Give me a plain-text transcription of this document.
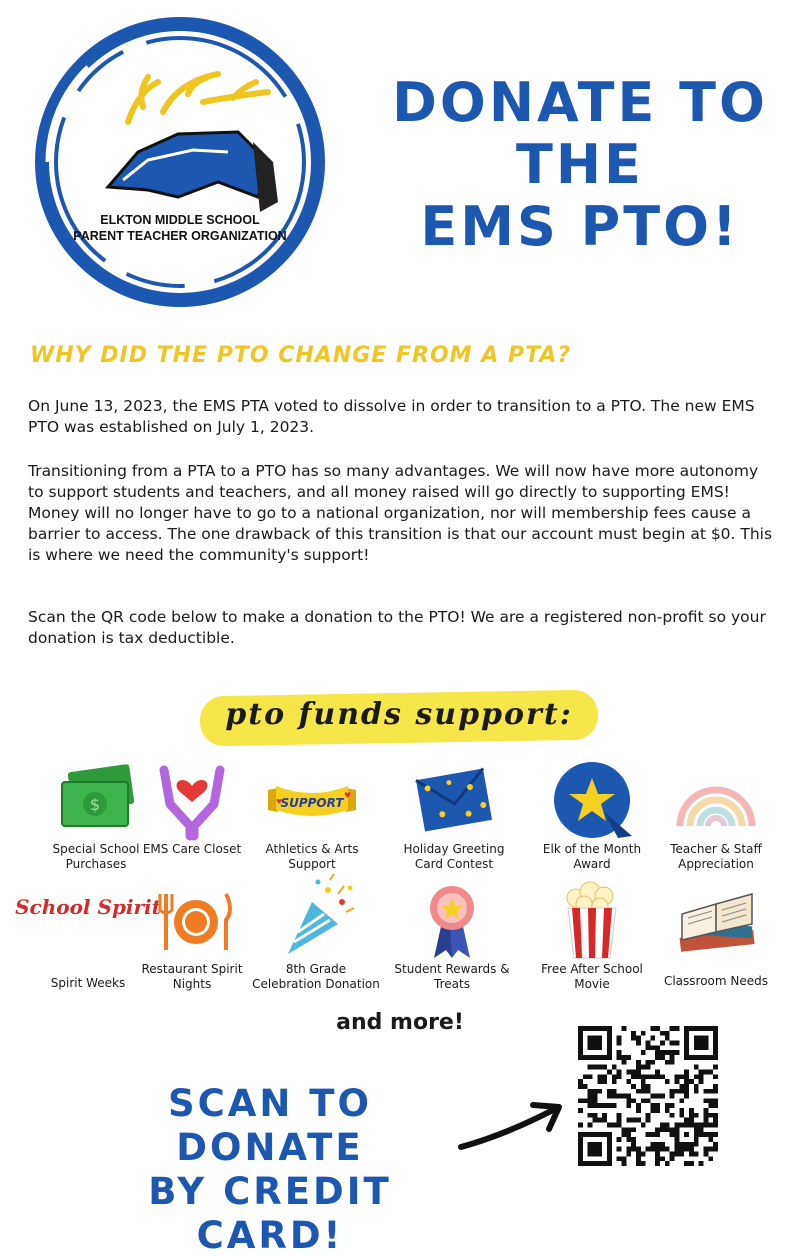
ELKTON MIDDLE SCHOOL
PARENT TEACHER ORGANIZATION
DONATE TO
THE
EMS PTO!
WHY DID THE PTO CHANGE FROM A PTA?
On June 13, 2023, the EMS PTA voted to dissolve in order to transition to a PTO. The new EMS PTO was established on July 1, 2023.
Transitioning from a PTA to a PTO has so many advantages. We will now have more autonomy to support students and teachers, and all money raised will go directly to supporting EMS! Money will no longer have to go to a national organization, nor will membership fees cause a barrier to access. The one drawback of this transition is that our account must begin at $0. This is where we need the community's support!
Scan the QR code below to make a donation to the PTO! We are a registered non-profit so your donation is tax deductible.
pto funds support:
$
Special School Purchases
EMS Care Closet
SUPPORT
♥
♥
Athletics & Arts Support
Holiday Greeting Card Contest
Elk of the Month Award
Teacher & Staff Appreciation
School Spirit
Spirit Weeks
Restaurant Spirit Nights
8th Grade Celebration Donation
Student Rewards & Treats
Free After School Movie	Classroom Needs
and more!
SCAN TO DONATE
BY CREDIT CARD!
